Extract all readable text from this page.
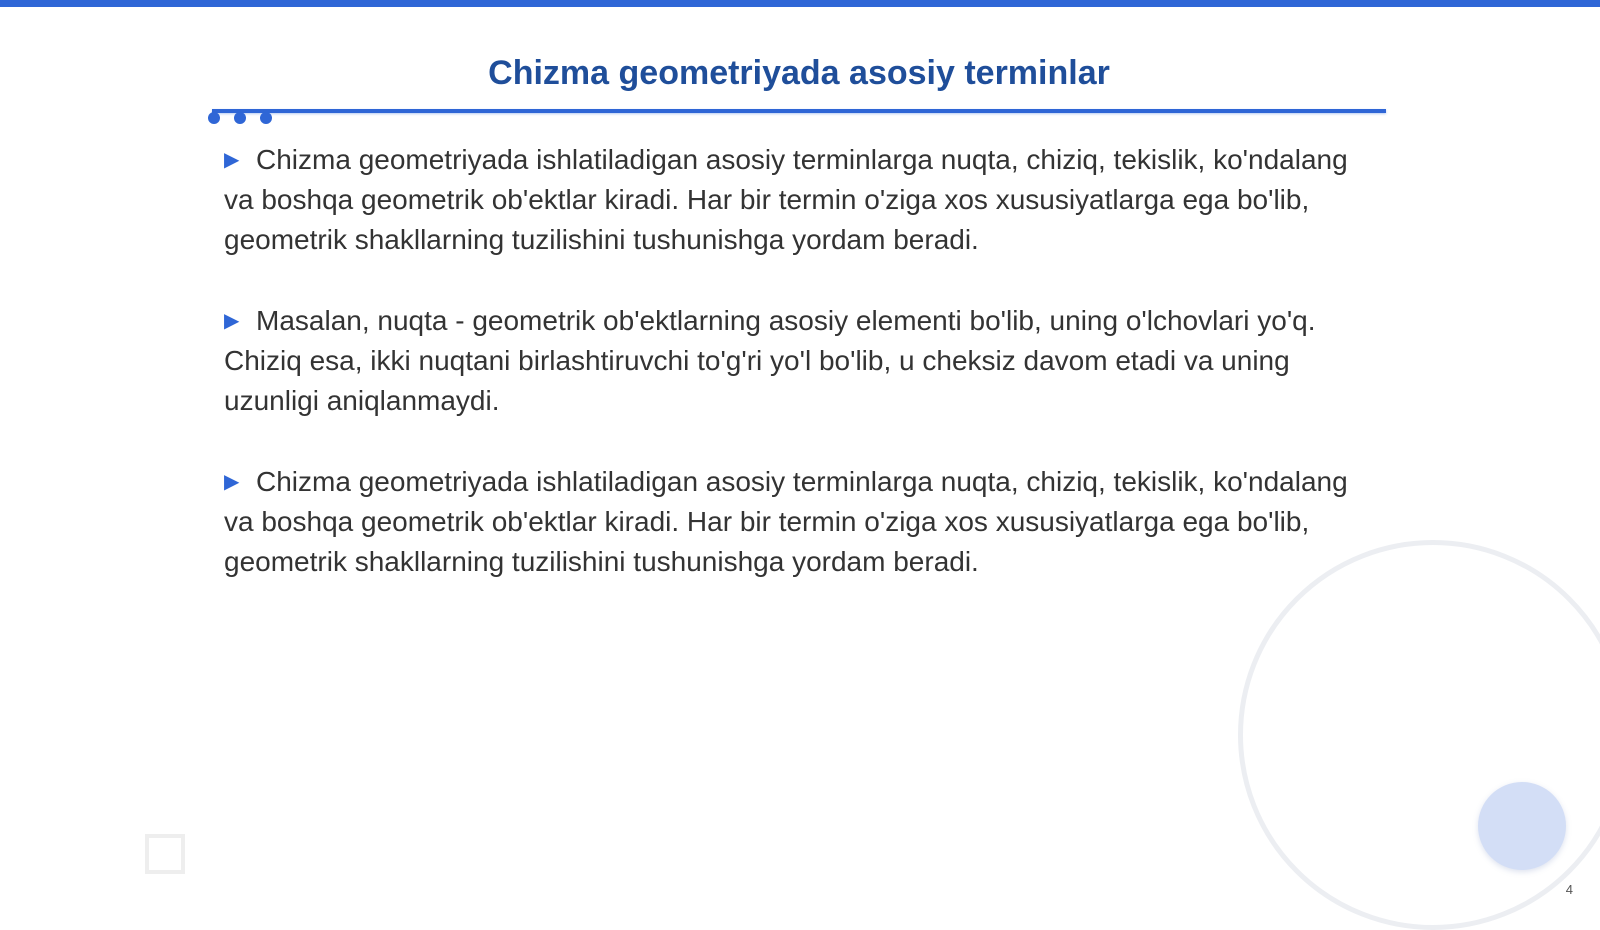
Chizma geometriyada asosiy terminlar

▶ Chizma geometriyada ishlatiladigan asosiy terminlarga nuqta, chiziq, tekislik, ko'ndalang va boshqa geometrik ob'ektlar kiradi. Har bir termin o'ziga xos xususiyatlarga ega bo'lib, geometrik shakllarning tuzilishini tushunishga yordam beradi.

▶ Masalan, nuqta - geometrik ob'ektlarning asosiy elementi bo'lib, uning o'lchovlari yo'q. Chiziq esa, ikki nuqtani birlashtiruvchi to'g'ri yo'l bo'lib, u cheksiz davom etadi va uning uzunligi aniqlanmaydi.

▶ Chizma geometriyada ishlatiladigan asosiy terminlarga nuqta, chiziq, tekislik, ko'ndalang va boshqa geometrik ob'ektlar kiradi. Har bir termin o'ziga xos xususiyatlarga ega bo'lib, geometrik shakllarning tuzilishini tushunishga yordam beradi.

4
